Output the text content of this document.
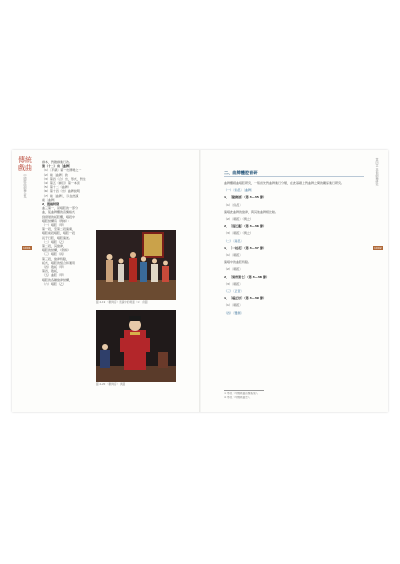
傳統戲曲
中國戲曲劇種全集
1001

劇本，對雜劇進行改。

第（十二）出〔曲牌〕

（1）〔平韻〕第一出開場之一

（2）前〔曲牌〕的

（3）第四（合）出，形式，對生

（4）第五（劇目）第一本雲

（5）第十二（曲牌）

（6）第十四（出）曲牌說明

（7）前〔曲牌〕，以在此演

前〔曲牌〕

2．腔格特徵

曲三第一，是唱腔的一部分

曲，從曲牌體的音樂格式

到發展的板腔體，唱段中

唱腔結構有（例如）：

（一）唱腔（甲）

第一段，至第二段演奏，

唱腔前段唱腔，唱腔一段

長于行腔，唱腔演述。

（二）唱腔（乙）

第二段，其旋律，

唱腔的結構，（例如）

（三）唱腔（丙）

第三段，旋律特點，

板式，唱腔的組合和運用

（四）散板（甲）

第四，散板，

（五）曲腔（甲）

唱腔的各種旋律結構，

（六）唱腔（乙）

圖 4-19 《鍘判官》表演中的場面（1） 供圖
圖 4-20 《鍘判官》 供圖
第四章 其他劇種研究
1002
二、曲牌體腔音研

曲牌體戲曲唱腔研究，一般首先對曲牌進行分類，在此基礎上對曲牌之間的關係進行研究。

（一）〔仙呂〕〔曲牌〕

1．〔點絳唇〕（第 3—35 節）

（1）〔仙呂〕

演唱此曲牌的旋律，與其他曲牌相比較。

（2）〔唱腔〕（例之）

2．〔混江龍〕（第 3—36 節）

（3）〔唱腔〕（例之）

（二）〔南呂〕

1．〔一枝花〕（第 3—37 節）

（1）〔唱腔〕

演唱中的曲腔特點。

（2）〔唱腔〕

2．〔梁州第七〕（第 3—38 節）

（3）〔唱腔〕

（三）〔正宮〕

1．〔端正好〕（第 3—39 節）

（1）〔唱腔〕

（四）〔雙調〕

① 參見《中國戲曲音樂集成》。
② 參見《中國戲曲志》。
